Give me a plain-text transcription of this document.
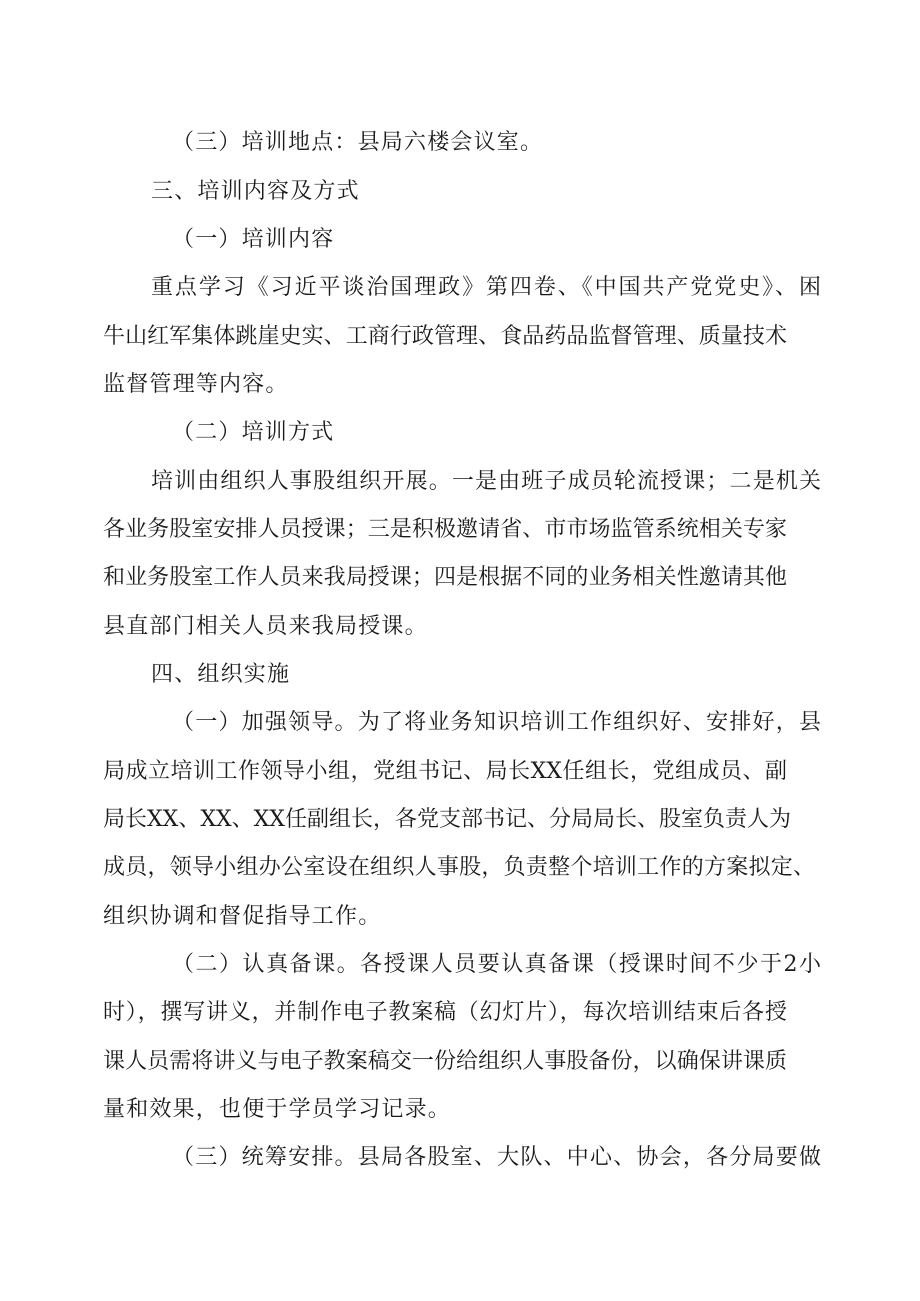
（三）培训地点：县局六楼会议室。
三、培训内容及方式
（一）培训内容
重点学习《习近平谈治国理政》第四卷、《中国共产党党史》、困
牛山红军集体跳崖史实、工商行政管理、食品药品监督管理、质量技术
监督管理等内容。
（二）培训方式
培训由组织人事股组织开展。一是由班子成员轮流授课；二是机关
各业务股室安排人员授课；三是积极邀请省、市市场监管系统相关专家
和业务股室工作人员来我局授课；四是根据不同的业务相关性邀请其他
县直部门相关人员来我局授课。
四、组织实施
（一）加强领导。为了将业务知识培训工作组织好、安排好，县
局成立培训工作领导小组，党组书记、局长XX任组长，党组成员、副
局长XX、XX、XX任副组长，各党支部书记、分局局长、股室负责人为
成员，领导小组办公室设在组织人事股，负责整个培训工作的方案拟定、
组织协调和督促指导工作。
（二）认真备课。各授课人员要认真备课（授课时间不少于2小
时），撰写讲义，并制作电子教案稿（幻灯片），每次培训结束后各授
课人员需将讲义与电子教案稿交一份给组织人事股备份，以确保讲课质
量和效果，也便于学员学习记录。
（三）统筹安排。县局各股室、大队、中心、协会，各分局要做
